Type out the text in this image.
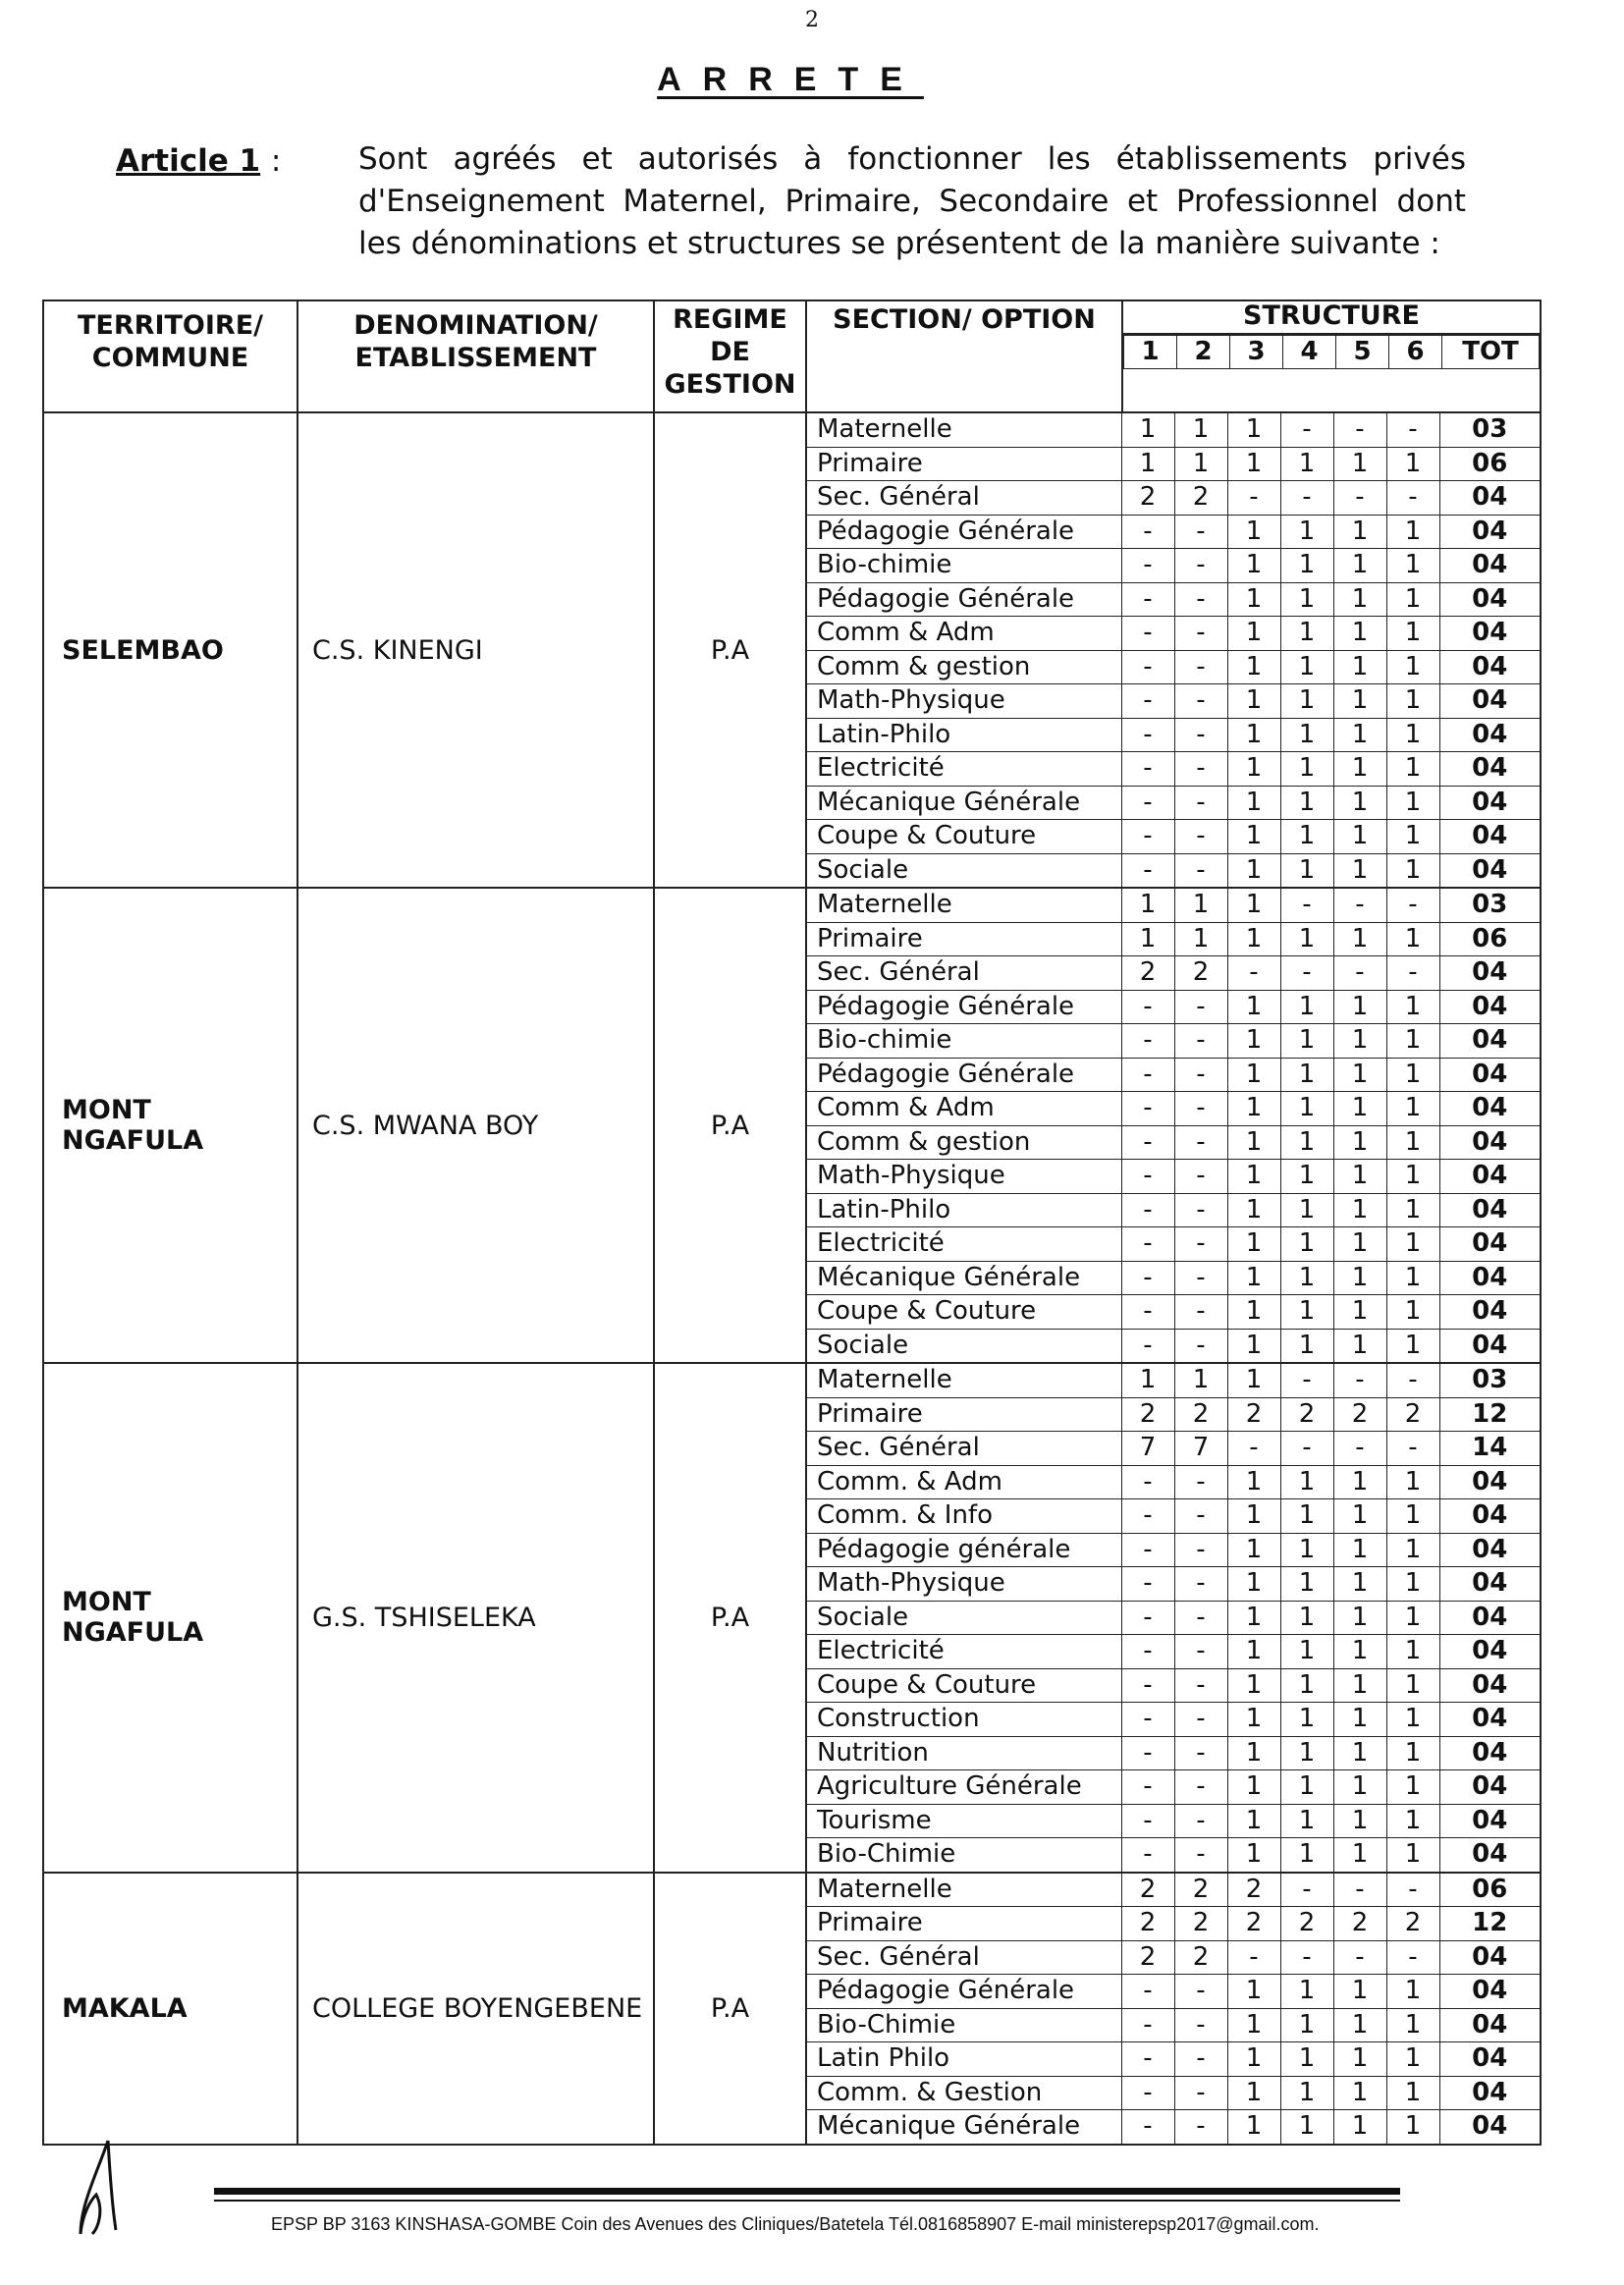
2
ARRETE
Article 1 :	Sont agréés et autorisés à fonctionner les établissements privés d'Enseignement Maternel, Primaire, Secondaire et Professionnel dont les dénominations et structures se présentent de la manière suivante :
TERRITOIRE/ COMMUNE	DENOMINATION/ ETABLISSEMENT	REGIME DE GESTION	SECTION/ OPTION	STRUCTURE

1	2	3	4	5	6	TOT

SELEMBAO	C.S. KINENGI	P.A	
Maternelle	1	1	1	-	-	-	03
Primaire	1	1	1	1	1	1	06
Sec. Général	2	2	-	-	-	-	04
Pédagogie Générale	-	-	1	1	1	1	04
Bio-chimie	-	-	1	1	1	1	04
Pédagogie Générale	-	-	1	1	1	1	04
Comm & Adm	-	-	1	1	1	1	04
Comm & gestion	-	-	1	1	1	1	04
Math-Physique	-	-	1	1	1	1	04
Latin-Philo	-	-	1	1	1	1	04
Electricité	-	-	1	1	1	1	04
Mécanique Générale	-	-	1	1	1	1	04
Coupe & Couture	-	-	1	1	1	1	04
Sociale	-	-	1	1	1	1	04

MONT NGAFULA	C.S. MWANA BOY	P.A	
Maternelle	1	1	1	-	-	-	03
Primaire	1	1	1	1	1	1	06
Sec. Général	2	2	-	-	-	-	04
Pédagogie Générale	-	-	1	1	1	1	04
Bio-chimie	-	-	1	1	1	1	04
Pédagogie Générale	-	-	1	1	1	1	04
Comm & Adm	-	-	1	1	1	1	04
Comm & gestion	-	-	1	1	1	1	04
Math-Physique	-	-	1	1	1	1	04
Latin-Philo	-	-	1	1	1	1	04
Electricité	-	-	1	1	1	1	04
Mécanique Générale	-	-	1	1	1	1	04
Coupe & Couture	-	-	1	1	1	1	04
Sociale	-	-	1	1	1	1	04

MONT NGAFULA	G.S. TSHISELEKA	P.A	
Maternelle	1	1	1	-	-	-	03
Primaire	2	2	2	2	2	2	12
Sec. Général	7	7	-	-	-	-	14
Comm. & Adm	-	-	1	1	1	1	04
Comm. & Info	-	-	1	1	1	1	04
Pédagogie générale	-	-	1	1	1	1	04
Math-Physique	-	-	1	1	1	1	04
Sociale	-	-	1	1	1	1	04
Electricité	-	-	1	1	1	1	04
Coupe & Couture	-	-	1	1	1	1	04
Construction	-	-	1	1	1	1	04
Nutrition	-	-	1	1	1	1	04
Agriculture Générale	-	-	1	1	1	1	04
Tourisme	-	-	1	1	1	1	04
Bio-Chimie	-	-	1	1	1	1	04

MAKALA	COLLEGE BOYENGEBENE	P.A	
Maternelle	2	2	2	-	-	-	06
Primaire	2	2	2	2	2	2	12
Sec. Général	2	2	-	-	-	-	04
Pédagogie Générale	-	-	1	1	1	1	04
Bio-Chimie	-	-	1	1	1	1	04
Latin Philo	-	-	1	1	1	1	04
Comm. & Gestion	-	-	1	1	1	1	04
Mécanique Générale	-	-	1	1	1	1	04
EPSP BP 3163 KINSHASA-GOMBE Coin des Avenues des Cliniques/Batetela Tél.0816858907 E-mail ministerepsp2017@gmail.com.
